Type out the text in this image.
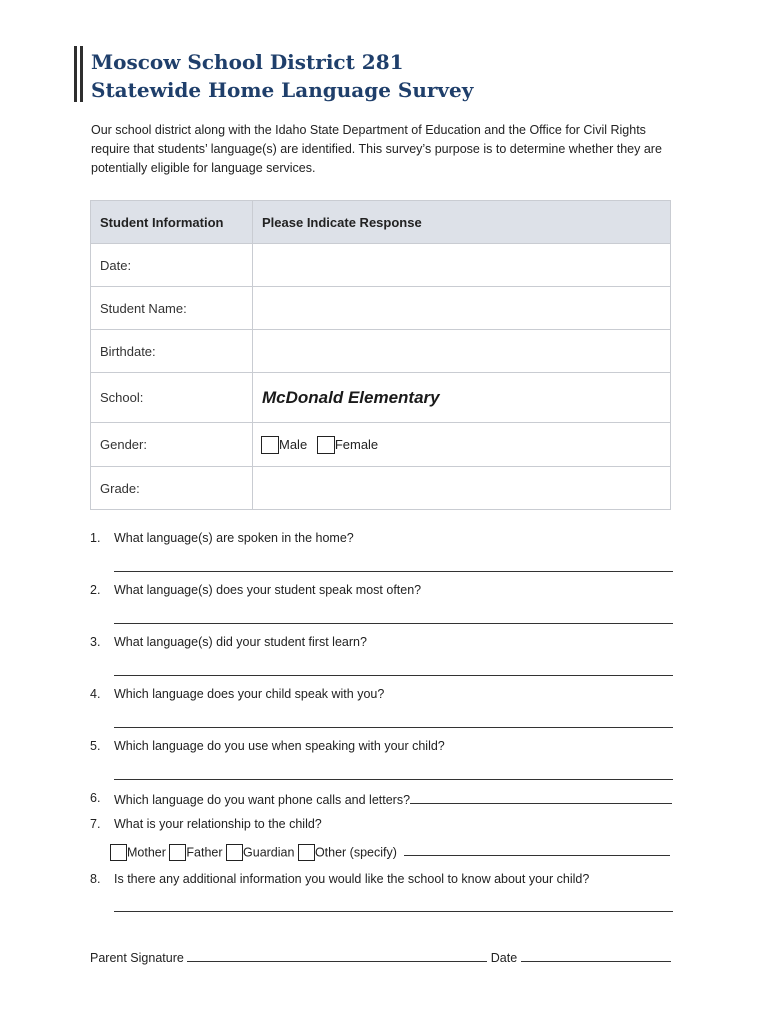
Moscow School District 281
Statewide Home Language Survey

Our school district along with the Idaho State Department of Education and the Office for Civil Rights require that students’ language(s) are identified. This survey’s purpose is to determine whether they are potentially eligible for language services.

Student Information	Please Indicate Response
Date:	
Student Name:	
Birthdate:	
School:	McDonald Elementary
Gender:	Male Female
Grade:	
1.	What language(s) are spoken in the home?
2.	What language(s) does your student speak most often?
3.	What language(s) did your student first learn?
4.	Which language does your child speak with you?
5.	Which language do you use when speaking with your child?
6.	Which language do you want phone calls and letters?
7.	What is your relationship to the child?
Mother Father Guardian Other (specify)
8.	Is there any additional information you would like the school to know about your child?
Parent Signature	Date
